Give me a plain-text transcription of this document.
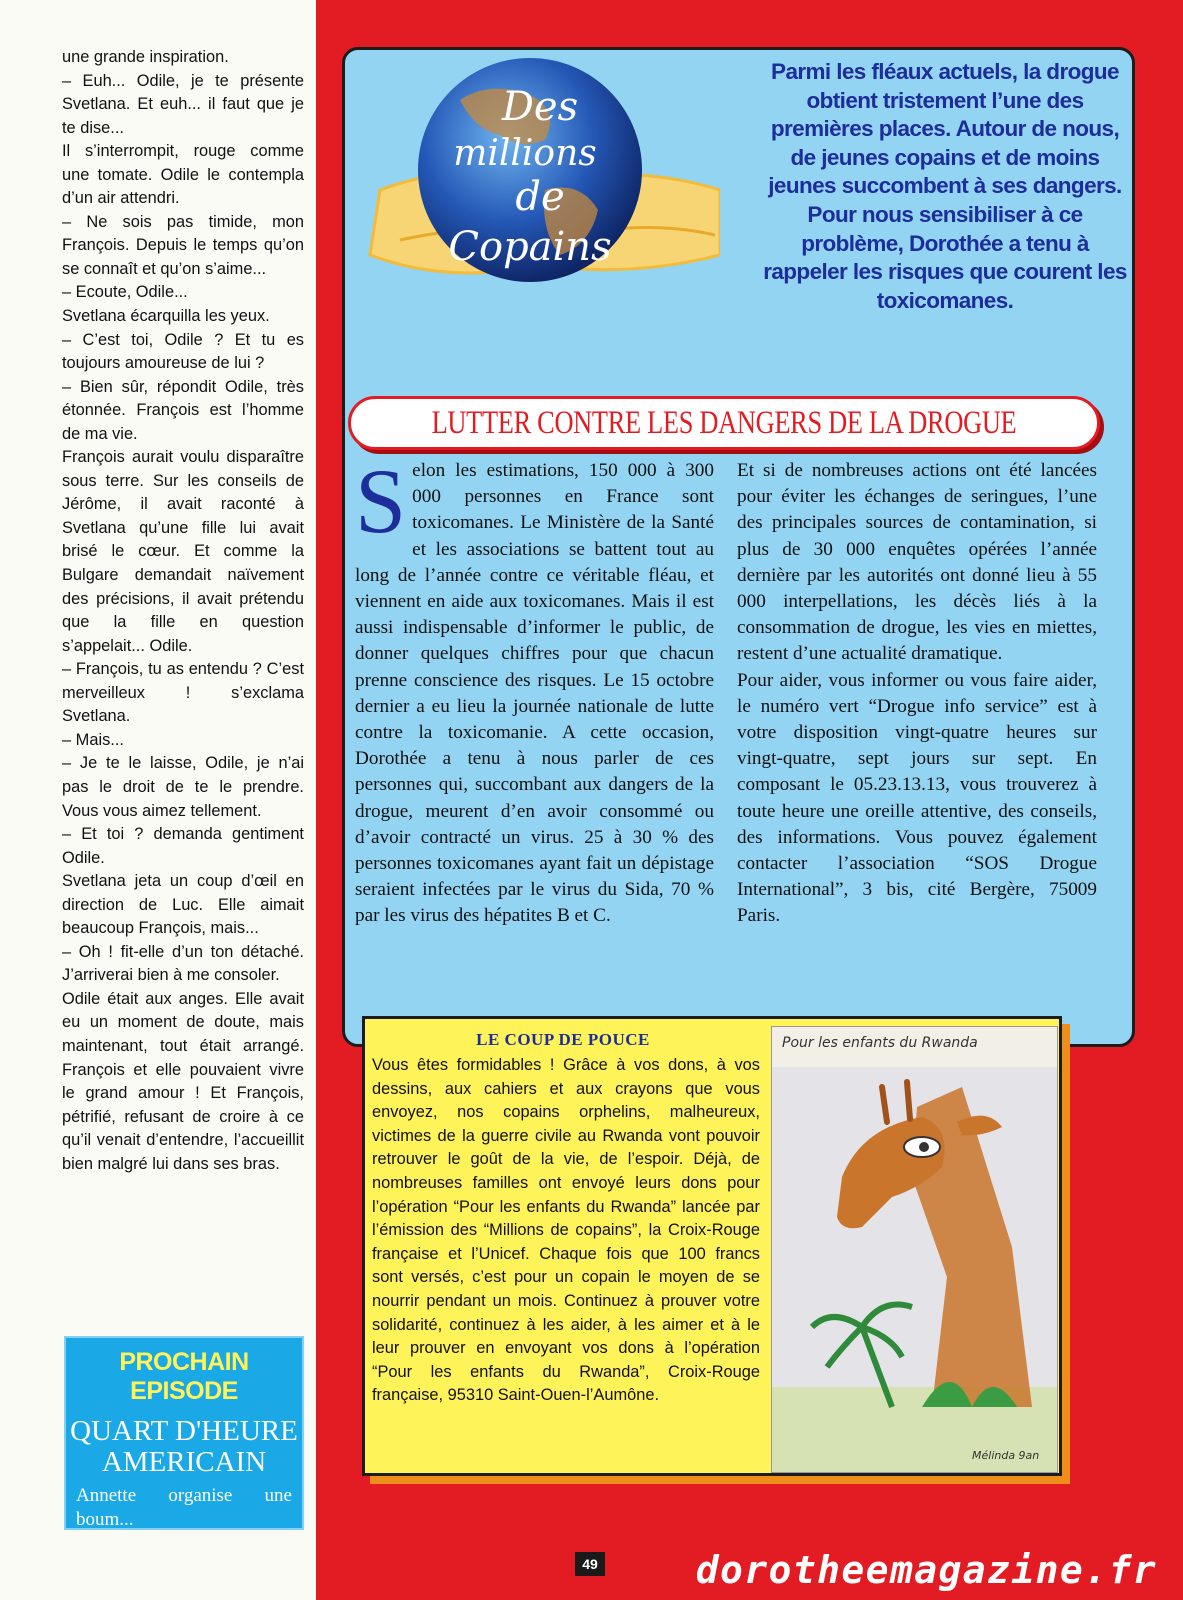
une grande inspiration.

– Euh... Odile, je te présente Svetlana. Et euh... il faut que je te dise...

Il s’interrompit, rouge comme une tomate. Odile le contempla d’un air attendri.

– Ne sois pas timide, mon François. Depuis le temps qu’on se connaît et qu’on s’aime...

– Ecoute, Odile...

Svetlana écarquilla les yeux.

– C’est toi, Odile ? Et tu es toujours amoureuse de lui ?

– Bien sûr, répondit Odile, très étonnée. François est l’homme de ma vie.

François aurait voulu disparaître sous terre. Sur les conseils de Jérôme, il avait raconté à Svetlana qu’une fille lui avait brisé le cœur. Et comme la Bulgare demandait naïvement des précisions, il avait prétendu que la fille en question s’appelait... Odile.

– François, tu as entendu ? C’est merveilleux ! s’exclama Svetlana.

– Mais...

– Je te le laisse, Odile, je n’ai pas le droit de te le prendre. Vous vous aimez tellement.

– Et toi ? demanda gentiment Odile.

Svetlana jeta un coup d’œil en direction de Luc. Elle aimait beaucoup François, mais...

– Oh ! fit-elle d’un ton détaché. J’arriverai bien à me consoler.

Odile était aux anges. Elle avait eu un moment de doute, mais maintenant, tout était arrangé. François et elle pouvaient vivre le grand amour ! Et François, pétrifié, refusant de croire à ce qu’il venait d’entendre, l’accueillit bien malgré lui dans ses bras.

PROCHAIN EPISODE
QUART D'HEURE AMERICAIN
Annette organise une boum...
Des
millions
de
Copains
Parmi les fléaux actuels, la drogue obtient tristement l’une des premières places. Autour de nous, de jeunes copains et de moins jeunes succombent à ses dangers. Pour nous sensibiliser à ce problème, Dorothée a tenu à rappeler les risques que courent les toxicomanes.
LUTTER CONTRE LES DANGERS DE LA DROGUE
S elon les estimations, 150 000 à 300 000 personnes en France sont toxicomanes. Le Ministère de la Santé et les associations se battent tout au long de l’année contre ce véritable fléau, et viennent en aide aux toxicomanes. Mais il est aussi indispensable d’informer le public, de donner quelques chiffres pour que chacun prenne conscience des risques. Le 15 octobre dernier a eu lieu la journée nationale de lutte contre la toxicomanie. A cette occasion, Dorothée a tenu à nous parler de ces personnes qui, succombant aux dangers de la drogue, meurent d’en avoir consommé ou d’avoir contracté un virus. 25 à 30 % des personnes toxicomanes ayant fait un dépistage seraient infectées par le virus du Sida, 70 % par les virus des hépatites B et C.

Et si de nombreuses actions ont été lancées pour éviter les échanges de seringues, l’une des principales sources de contamination, si plus de 30 000 enquêtes opérées l’année dernière par les autorités ont donné lieu à 55 000 interpellations, les décès liés à la consommation de drogue, les vies en miettes, restent d’une actualité dramatique.

Pour aider, vous informer ou vous faire aider, le numéro vert “Drogue info service” est à votre disposition vingt-quatre heures sur vingt-quatre, sept jours sur sept. En composant le 05.23.13.13, vous trouverez à toute heure une oreille attentive, des conseils, des informations. Vous pouvez également contacter l’association “SOS Drogue International”, 3 bis, cité Bergère, 75009 Paris.

LE COUP DE POUCE
Vous êtes formidables ! Grâce à vos dons, à vos dessins, aux cahiers et aux crayons que vous envoyez, nos copains orphelins, malheureux, victimes de la guerre civile au Rwanda vont pouvoir retrouver le goût de la vie, de l’espoir. Déjà, de nombreuses familles ont envoyé leurs dons pour l’opération “Pour les enfants du Rwanda” lancée par l’émission des “Millions de copains”, la Croix-Rouge française et l’Unicef. Chaque fois que 100 francs sont versés, c’est pour un copain le moyen de se nourrir pendant un mois. Continuez à prouver votre solidarité, continuez à les aider, à les aimer et à le leur prouver en envoyant vos dons à l’opération “Pour les enfants du Rwanda”, Croix-Rouge française, 95310 Saint-Ouen-l’Aumône.
Pour les enfants du Rwanda
Mélinda 9an
49	dorotheemagazine.fr
